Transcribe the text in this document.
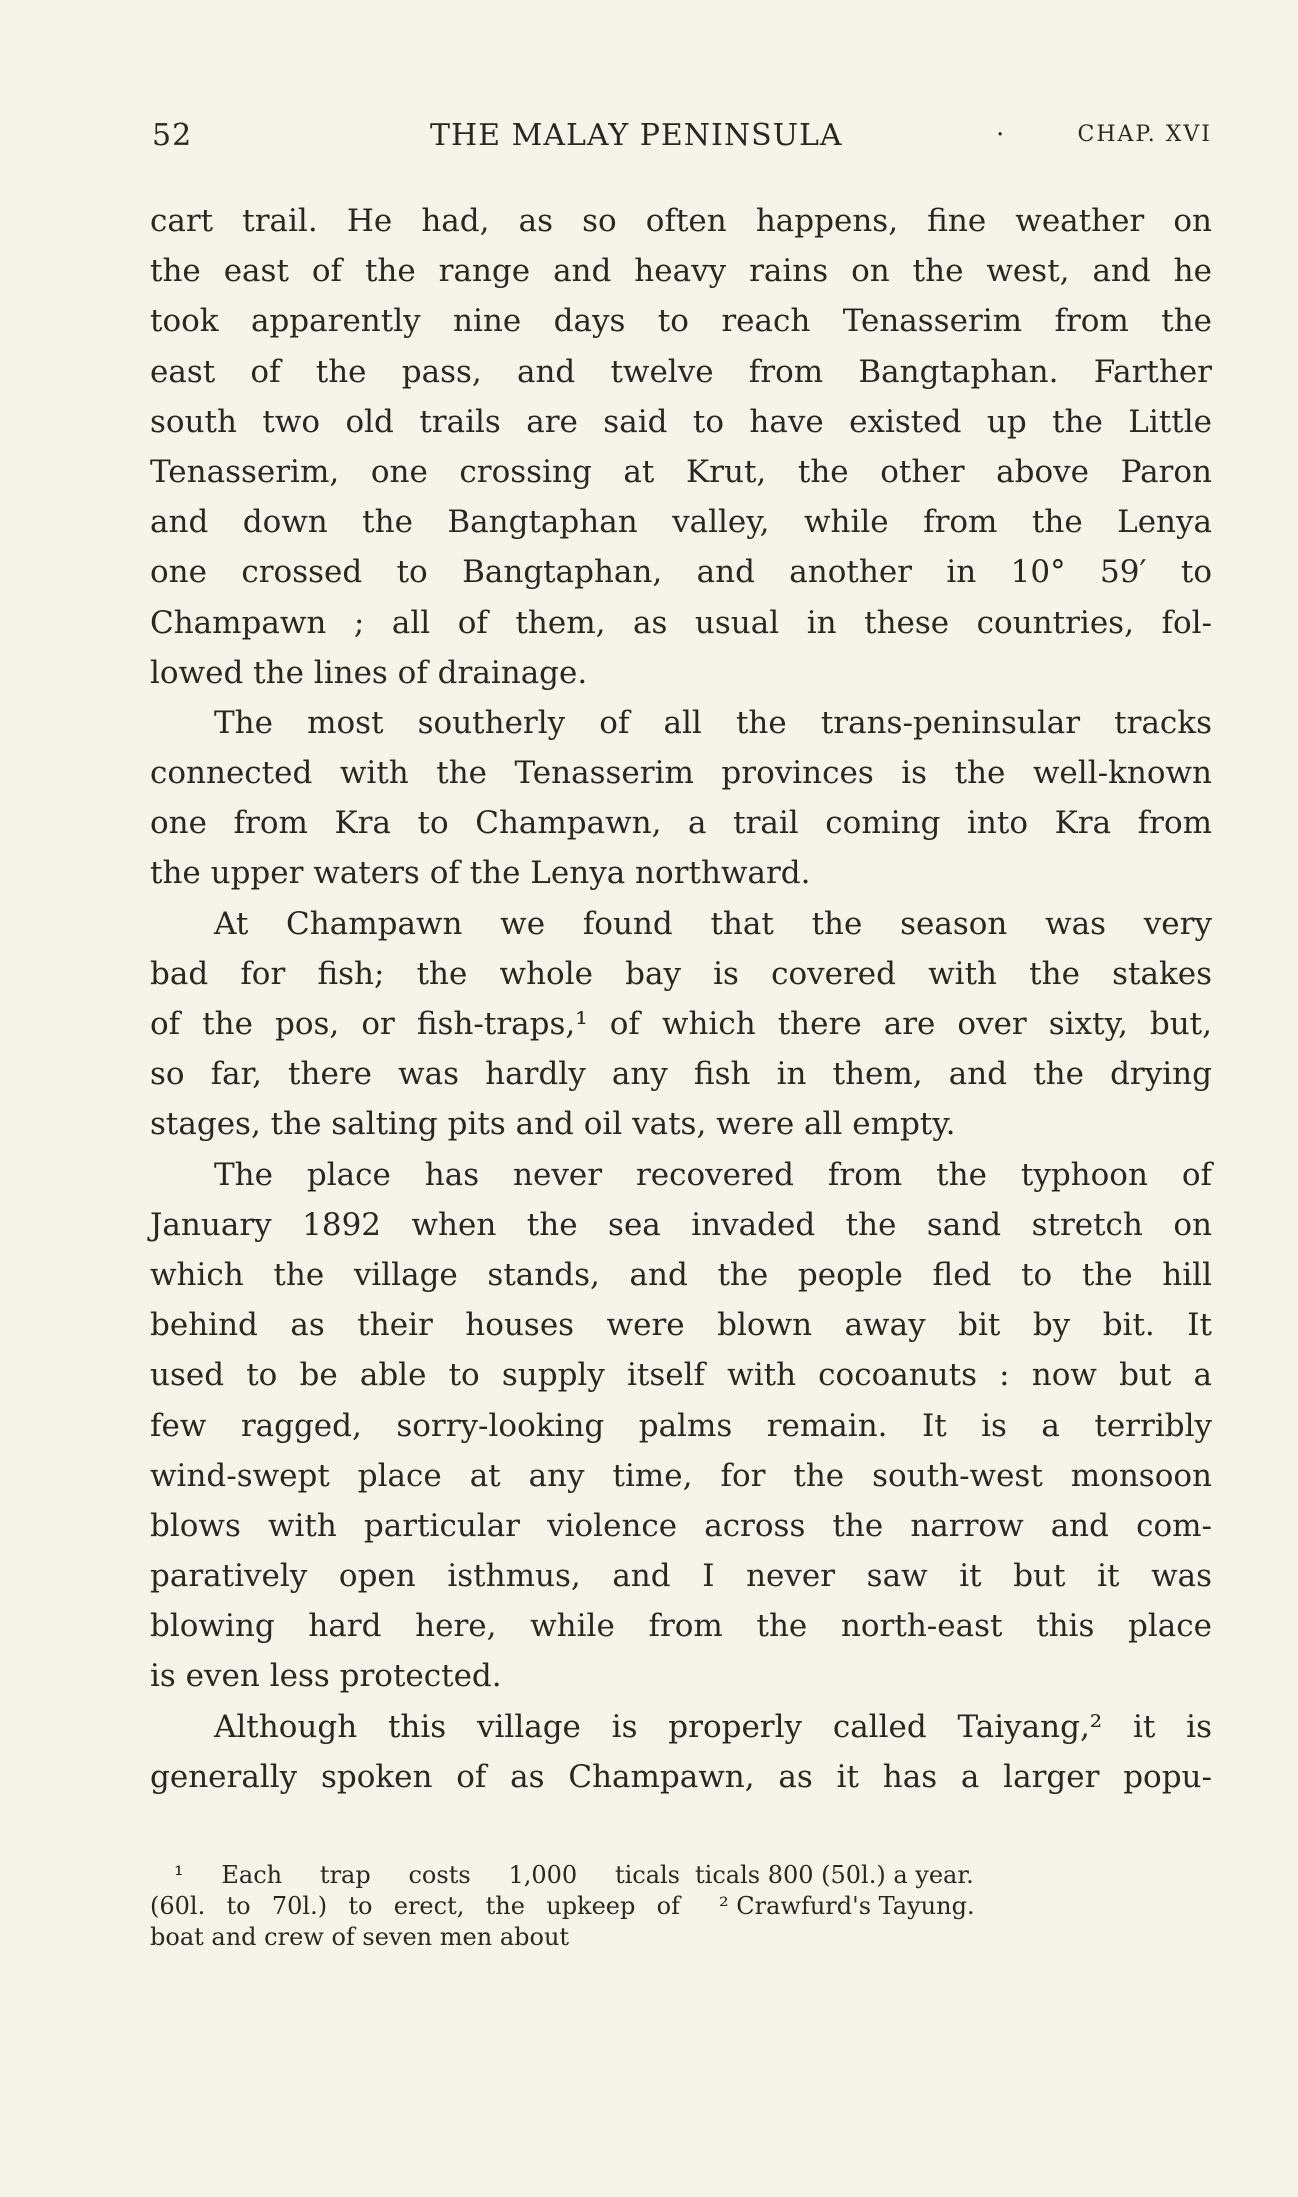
52	THE MALAY PENINSULA	.	CHAP. XVI
cart trail. He had, as so often happens, fine weather on
the east of the range and heavy rains on the west, and he
took apparently nine days to reach Tenasserim from the
east of the pass, and twelve from Bangtaphan. Farther
south two old trails are said to have existed up the Little
Tenasserim, one crossing at Krut, the other above Paron
and down the Bangtaphan valley, while from the Lenya
one crossed to Bangtaphan, and another in 10° 59′ to
Champawn ; all of them, as usual in these countries, fol-
lowed the lines of drainage.
The most southerly of all the trans-peninsular tracks
connected with the Tenasserim provinces is the well-known
one from Kra to Champawn, a trail coming into Kra from
the upper waters of the Lenya northward.
At Champawn we found that the season was very
bad for fish; the whole bay is covered with the stakes
of the pos, or fish-traps,¹ of which there are over sixty, but,
so far, there was hardly any fish in them, and the drying
stages, the salting pits and oil vats, were all empty.
The place has never recovered from the typhoon of
January 1892 when the sea invaded the sand stretch on
which the village stands, and the people fled to the hill
behind as their houses were blown away bit by bit. It
used to be able to supply itself with cocoanuts : now but a
few ragged, sorry-looking palms remain. It is a terribly
wind-swept place at any time, for the south-west monsoon
blows with particular violence across the narrow and com-
paratively open isthmus, and I never saw it but it was
blowing hard here, while from the north-east this place
is even less protected.
Although this village is properly called Taiyang,² it is
generally spoken of as Champawn, as it has a larger popu-
¹ Each trap costs 1,000 ticals
(60l. to 70l.) to erect, the upkeep of
boat and crew of seven men about
ticals 800 (50l.) a year.
² Crawfurd's Tayung.
